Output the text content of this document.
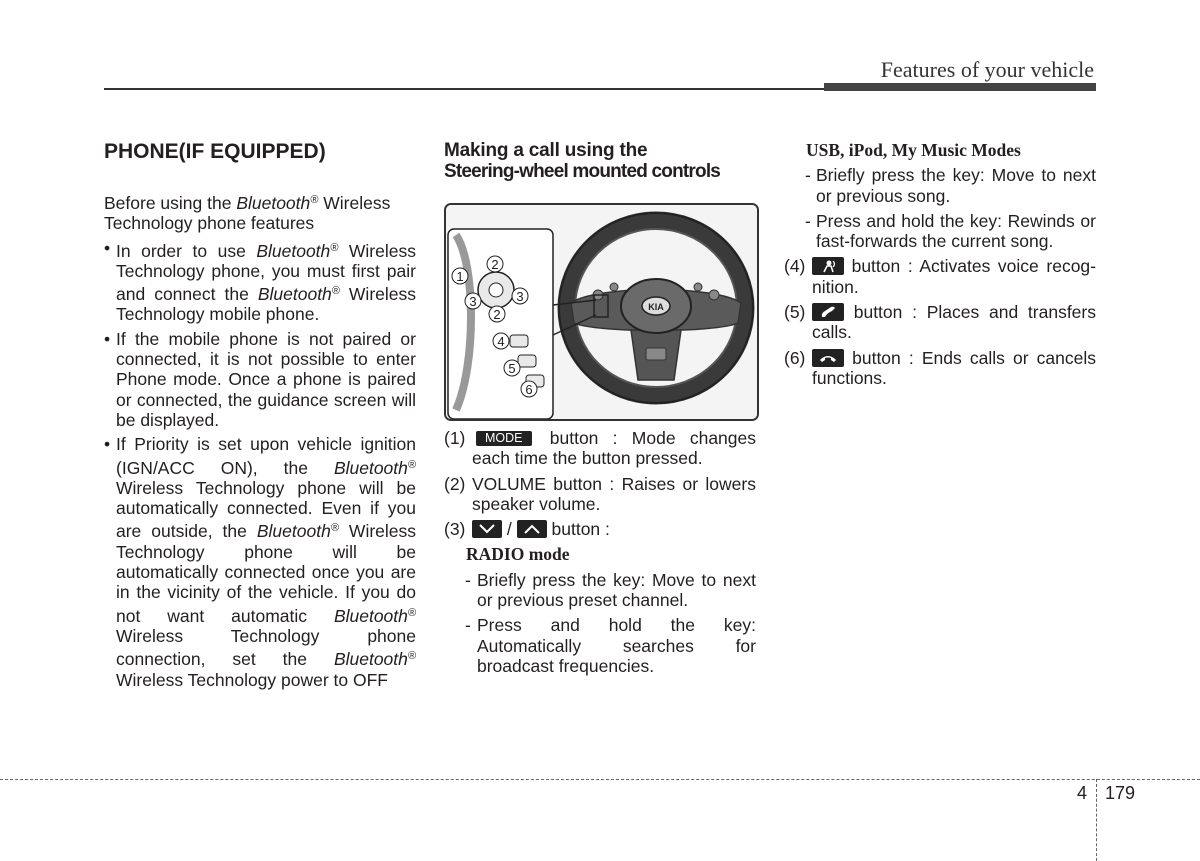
Features of your vehicle
PHONE(IF EQUIPPED)

Before using the Bluetooth® Wireless Technology phone features

• In order to use Bluetooth® Wireless Technology phone, you must first pair and connect the Bluetooth® Wireless Technology mobile phone.
• If the mobile phone is not paired or connected, it is not possible to enter Phone mode. Once a phone is paired or connected, the guidance screen will be displayed.
• If Priority is set upon vehicle ignition (IGN/ACC ON), the Bluetooth® Wireless Technology phone will be automatically connected. Even if you are outside, the Bluetooth® Wireless Technology phone will be automatically connected once you are in the vicinity of the vehicle. If you do not want automatic Bluetooth® Wireless Technology phone connection, set the Bluetooth® Wireless Technology power to OFF
Making a call using the
Steering-wheel mounted controls
KIA
1
2
3	3
2
4
5
6
(1) MODE button : Mode changes each time the button pressed.
(2) VOLUME button : Raises or lowers speaker volume.
(3) / button :
RADIO mode
- Briefly press the key: Move to next or previous preset channel.
- Press and hold the key: Automatically searches for broadcast frequencies.
USB, iPod, My Music Modes
- Briefly press the key: Move to next or previous song.
- Press and hold the key: Rewinds or fast-forwards the current song.
(4) button : Activates voice recognition.
(5) button : Places and transfers calls.
(6) button : Ends calls or cancels functions.
4 179
